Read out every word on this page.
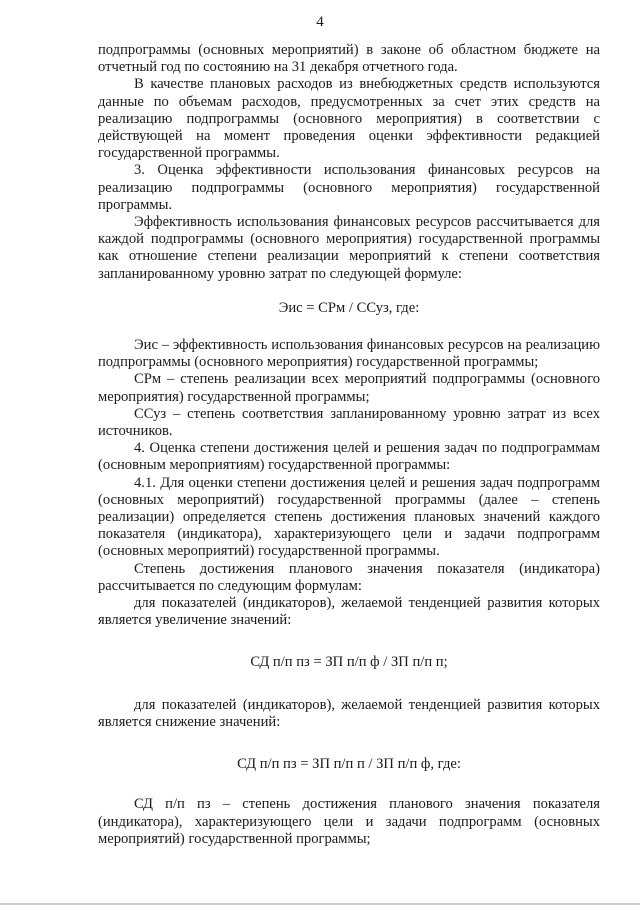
4

подпрограммы (основных мероприятий) в законе об областном бюджете на отчетный год по состоянию на 31 декабря отчетного года.

В качестве плановых расходов из внебюджетных средств используются данные по объемам расходов, предусмотренных за счет этих средств на реализацию подпрограммы (основного мероприятия) в соответствии с действующей на момент проведения оценки эффективности редакцией государственной программы.

3. Оценка эффективности использования финансовых ресурсов на реализацию подпрограммы (основного мероприятия) государственной программы.

Эффективность использования финансовых ресурсов рассчитывается для каждой подпрограммы (основного мероприятия) государственной программы как отношение степени реализации мероприятий к степени соответствия запланированному уровню затрат по следующей формуле:

Эис = СРм / ССуз, где:

Эис – эффективность использования финансовых ресурсов на реализацию подпрограммы (основного мероприятия) государственной программы;

СРм – степень реализации всех мероприятий подпрограммы (основного мероприятия) государственной программы;

ССуз – степень соответствия запланированному уровню затрат из всех источников.

4. Оценка степени достижения целей и решения задач по подпрограммам (основным мероприятиям) государственной программы:

4.1. Для оценки степени достижения целей и решения задач подпрограмм (основных мероприятий) государственной программы (далее – степень реализации) определяется степень достижения плановых значений каждого показателя (индикатора), характеризующего цели и задачи подпрограмм (основных мероприятий) государственной программы.

Степень достижения планового значения показателя (индикатора) рассчитывается по следующим формулам:

для показателей (индикаторов), желаемой тенденцией развития которых является увеличение значений:

СД п/п пз = ЗП п/п ф / ЗП п/п п;

для показателей (индикаторов), желаемой тенденцией развития которых является снижение значений:

СД п/п пз = ЗП п/п п / ЗП п/п ф, где:

СД п/п пз – степень достижения планового значения показателя (индикатора), характеризующего цели и задачи подпрограмм (основных мероприятий) государственной программы;
